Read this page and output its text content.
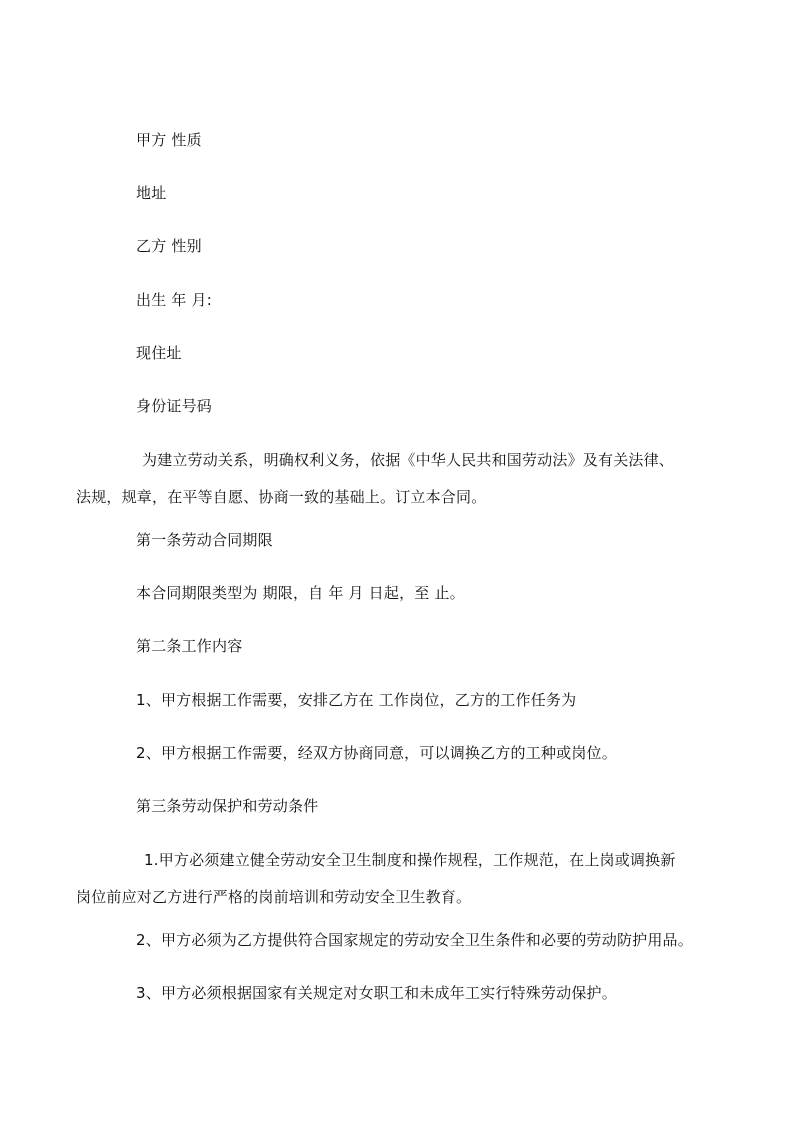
甲方 性质
地址
乙方 性别
出生 年 月:
现住址
身份证号码
为建立劳动关系，明确权利义务，依据《中华人民共和国劳动法》及有关法律、
法规，规章，在平等自愿、协商一致的基础上。订立本合同。
第一条劳动合同期限
本合同期限类型为 期限，自 年 月 日起，至 止。
第二条工作内容
1、甲方根据工作需要，安排乙方在 工作岗位，乙方的工作任务为
2、甲方根据工作需要，经双方协商同意，可以调换乙方的工种或岗位。
第三条劳动保护和劳动条件
1.甲方必须建立健全劳动安全卫生制度和操作规程，工作规范，在上岗或调换新
岗位前应对乙方进行严格的岗前培训和劳动安全卫生教育。
2、甲方必须为乙方提供符合国家规定的劳动安全卫生条件和必要的劳动防护用品。
3、甲方必须根据国家有关规定对女职工和未成年工实行特殊劳动保护。
